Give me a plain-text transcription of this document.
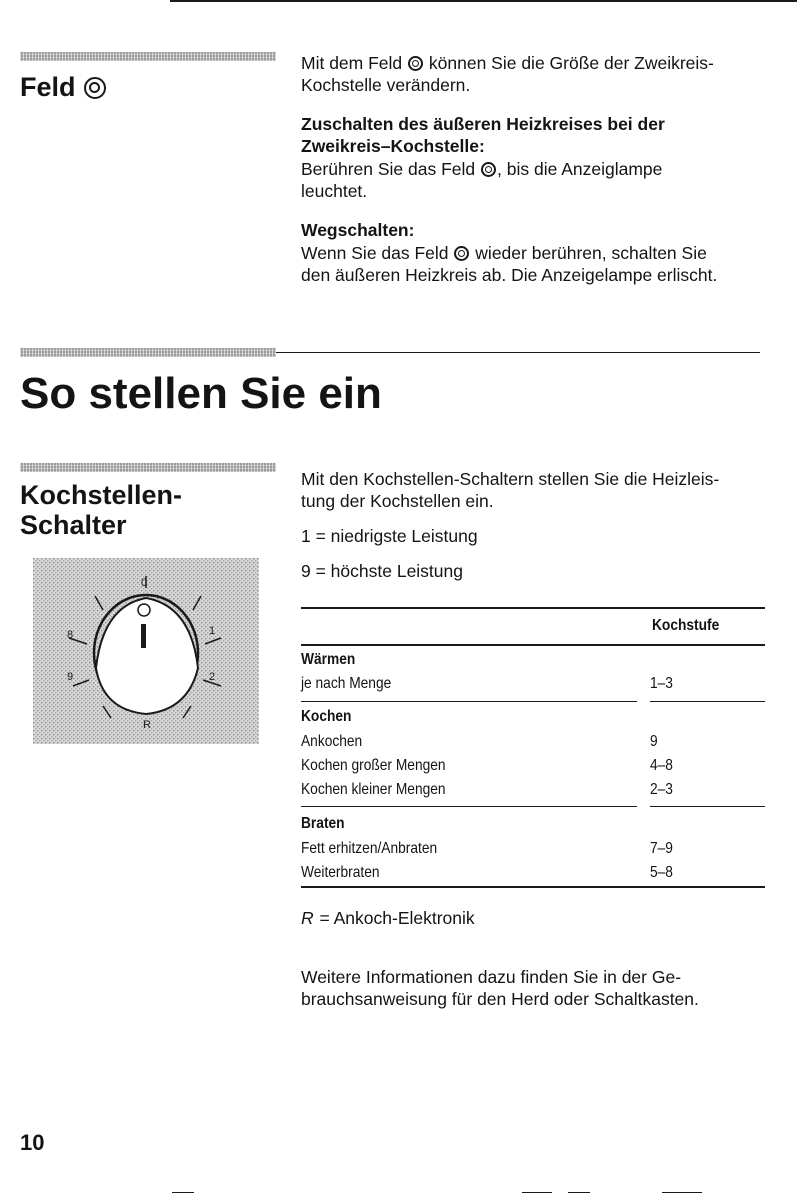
Feld
Mit dem Feld können Sie die Größe der Zweikreis-
Kochstelle verändern.
Zuschalten des äußeren Heizkreises bei der
Zweikreis–Kochstelle:
Berühren Sie das Feld , bis die Anzeiglampe
leuchtet.
Wegschalten:
Wenn Sie das Feld wieder berühren, schalten Sie
den äußeren Heizkreis ab. Die Anzeigelampe erlischt.
So stellen Sie ein
Kochstellen-
Schalter
0
1
2
9
8
R
Mit den Kochstellen-Schaltern stellen Sie die Heizleis-
tung der Kochstellen ein.
1 = niedrigste Leistung
9 = höchste Leistung
Kochstufe
Wärmen
je nach Menge	1–3
Kochen
Ankochen	9
Kochen großer Mengen	4–8
Kochen kleiner Mengen	2–3
Braten
Fett erhitzen/Anbraten	7–9
Weiterbraten	5–8
R = Ankoch-Elektronik
Weitere Informationen dazu finden Sie in der Ge-
brauchsanweisung für den Herd oder Schaltkasten.
10
